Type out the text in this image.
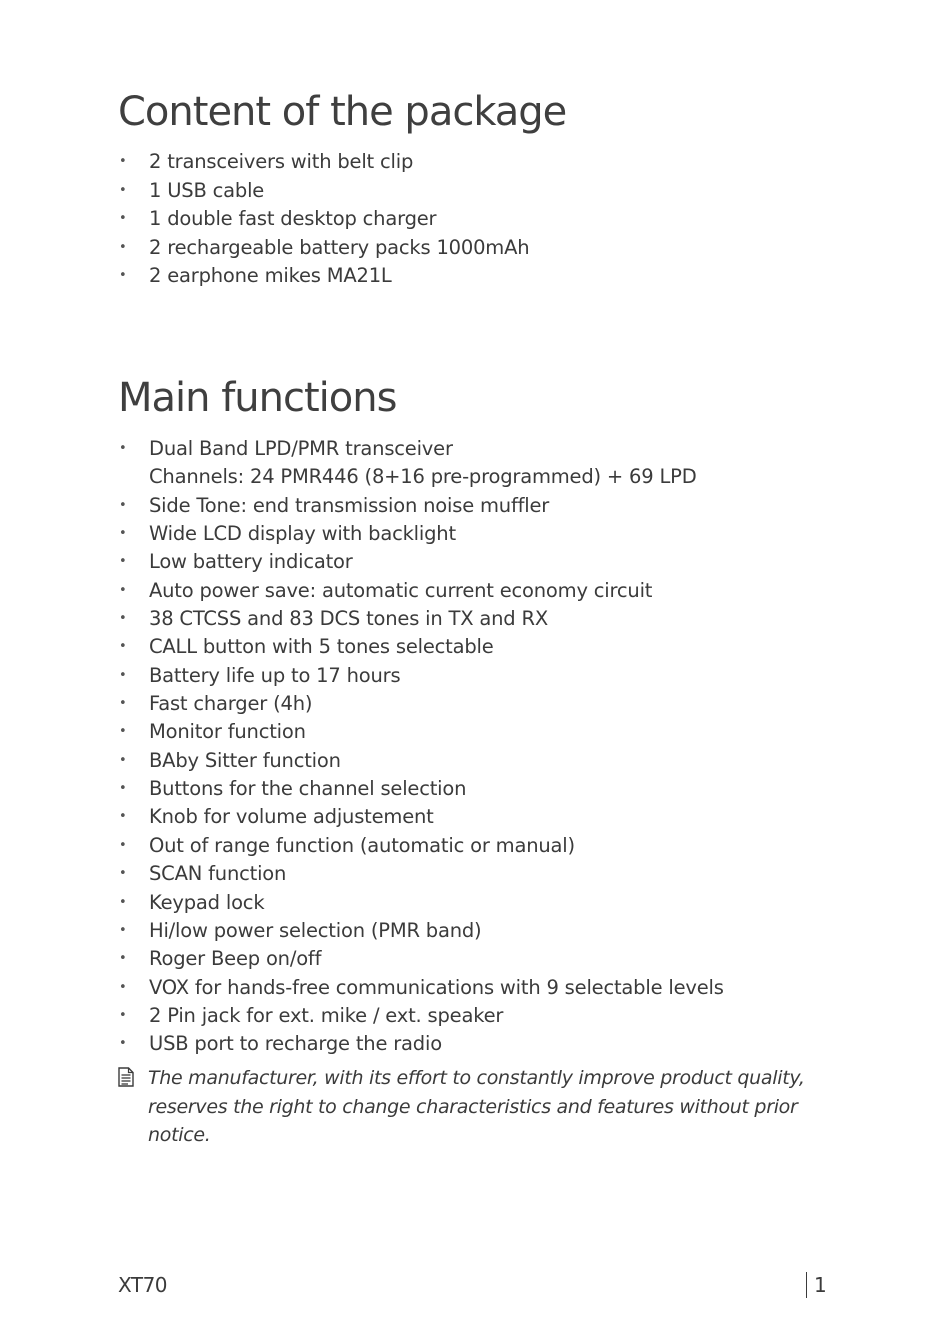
Content of the package
• 2 transceivers with belt clip
• 1 USB cable
• 1 double fast desktop charger
• 2 rechargeable battery packs 1000mAh
• 2 earphone mikes MA21L
Main functions
• Dual Band LPD/PMR transceiver
Channels: 24 PMR446 (8+16 pre-programmed) + 69 LPD
• Side Tone: end transmission noise muffler
• Wide LCD display with backlight
• Low battery indicator
• Auto power save: automatic current economy circuit
• 38 CTCSS and 83 DCS tones in TX and RX
• CALL button with 5 tones selectable
• Battery life up to 17 hours
• Fast charger (4h)
• Monitor function
• BAby Sitter function
• Buttons for the channel selection
• Knob for volume adjustement
• Out of range function (automatic or manual)
• SCAN function
• Keypad lock
• Hi/low power selection (PMR band)
• Roger Beep on/off
• VOX for hands-free communications with 9 selectable levels
• 2 Pin jack for ext. mike / ext. speaker
• USB port to recharge the radio
The manufacturer, with its effort to constantly improve product quality, reserves the right to change characteristics and features without prior notice.
XT70	1
